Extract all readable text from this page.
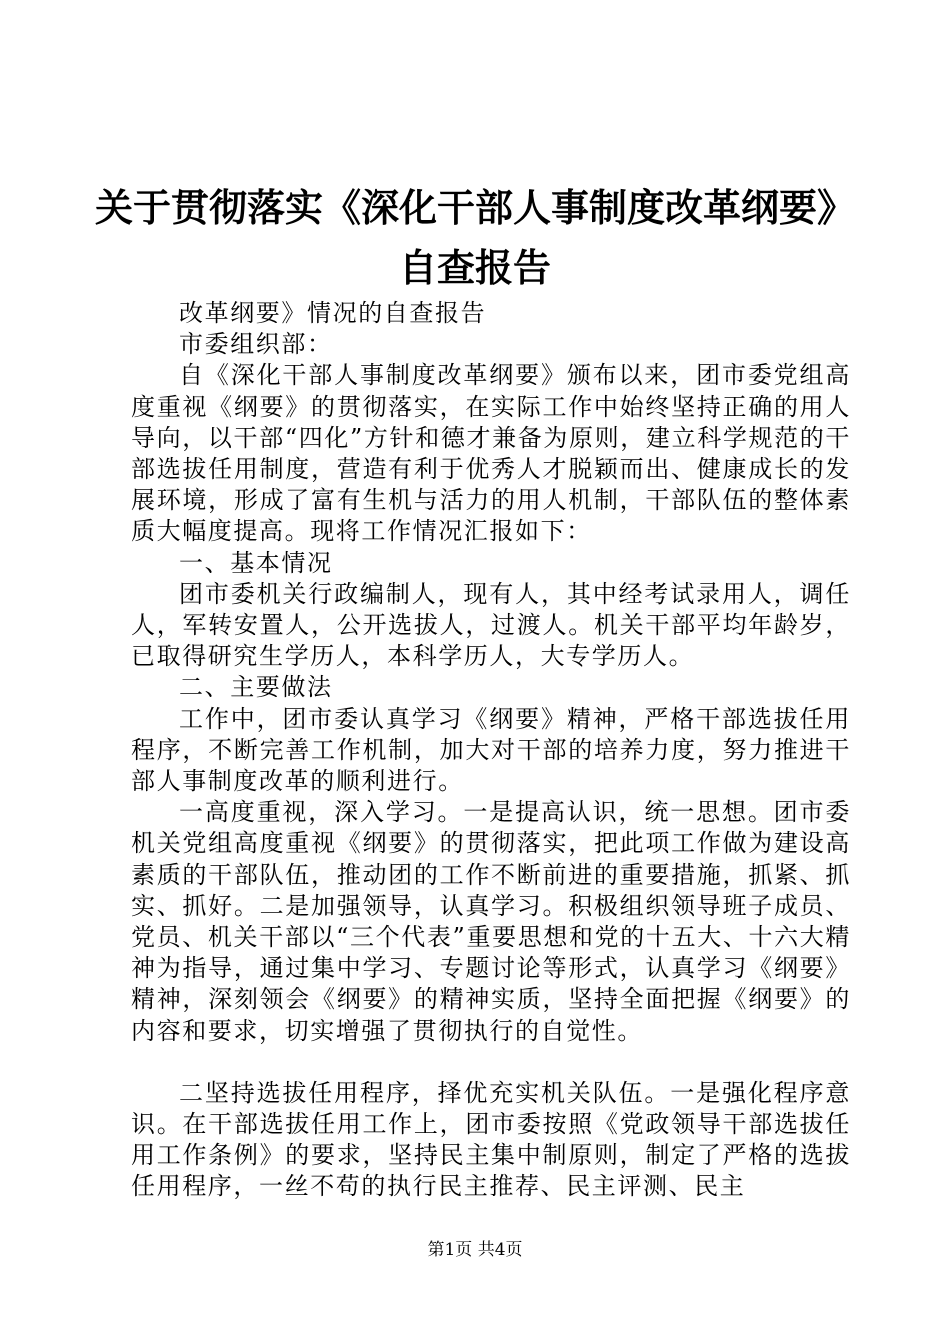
关于贯彻落实《深化干部人事制度改革纲要》
自查报告

改革纲要》情况的自查报告

市委组织部：

自《深化干部人事制度改革纲要》颁布以来，团市委党组高度重视《纲要》的贯彻落实，在实际工作中始终坚持正确的用人导向，以干部“四化”方针和德才兼备为原则，建立科学规范的干部选拔任用制度，营造有利于优秀人才脱颖而出、健康成长的发展环境，形成了富有生机与活力的用人机制，干部队伍的整体素质大幅度提高。现将工作情况汇报如下：

一、基本情况

团市委机关行政编制人，现有人，其中经考试录用人，调任人，军转安置人，公开选拔人，过渡人。机关干部平均年龄岁，已取得研究生学历人，本科学历人，大专学历人。

二、主要做法

工作中，团市委认真学习《纲要》精神，严格干部选拔任用程序，不断完善工作机制，加大对干部的培养力度，努力推进干部人事制度改革的顺利进行。

一高度重视，深入学习。一是提高认识，统一思想。团市委机关党组高度重视《纲要》的贯彻落实，把此项工作做为建设高素质的干部队伍，推动团的工作不断前进的重要措施，抓紧、抓实、抓好。二是加强领导，认真学习。积极组织领导班子成员、党员、机关干部以“三个代表”重要思想和党的十五大、十六大精神为指导，通过集中学习、专题讨论等形式，认真学习《纲要》精神，深刻领会《纲要》的精神实质，坚持全面把握《纲要》的内容和要求，切实增强了贯彻执行的自觉性。

二坚持选拔任用程序，择优充实机关队伍。一是强化程序意识。在干部选拔任用工作上，团市委按照《党政领导干部选拔任用工作条例》的要求，坚持民主集中制原则，制定了严格的选拔任用程序，一丝不苟的执行民主推荐、民主评测、民主

第1页 共4页
